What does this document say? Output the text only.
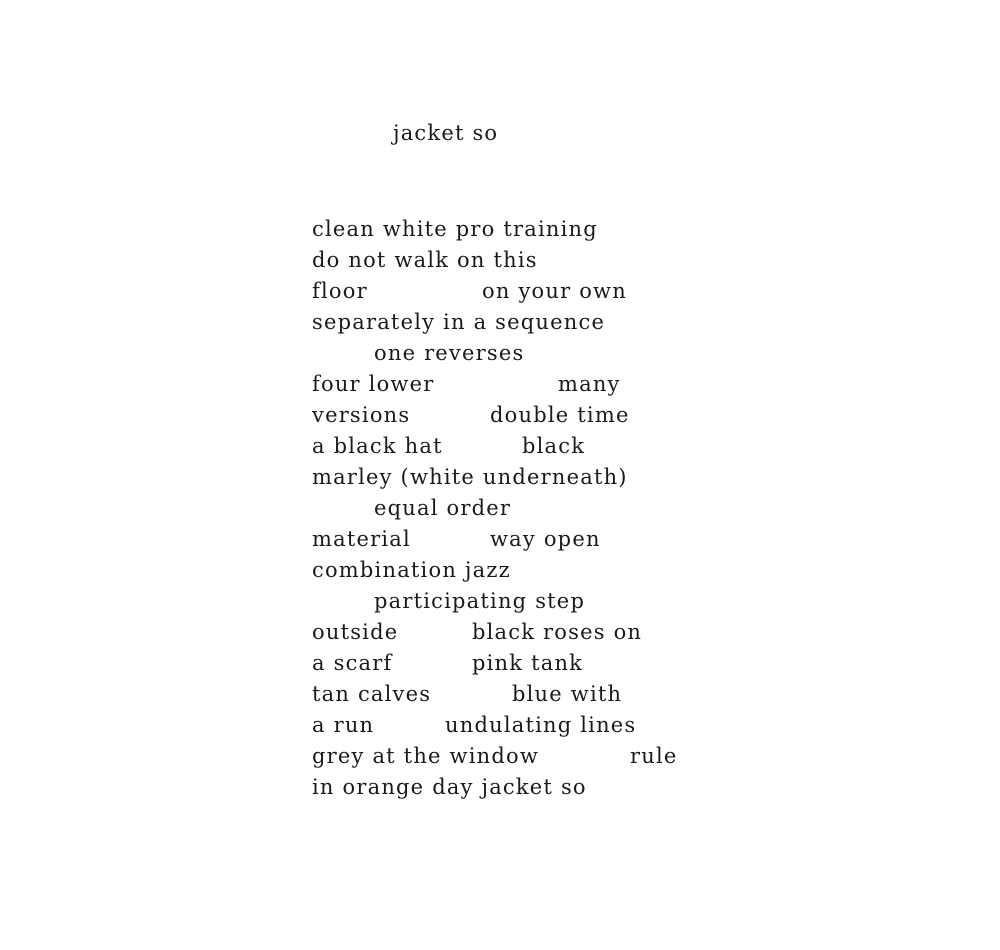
jacket so

clean white pro training

do not walk on this

floor

	on your own

separately in a sequence

one reverses

four lower

	many

versions

	double time

a black hat

	black

marley (white underneath)

equal order

material

	way open

combination jazz

participating step

outside

	black roses on

a scarf

	pink tank

tan calves

	blue with

a run

	undulating lines

grey at the window

	rule

in orange day jacket so
